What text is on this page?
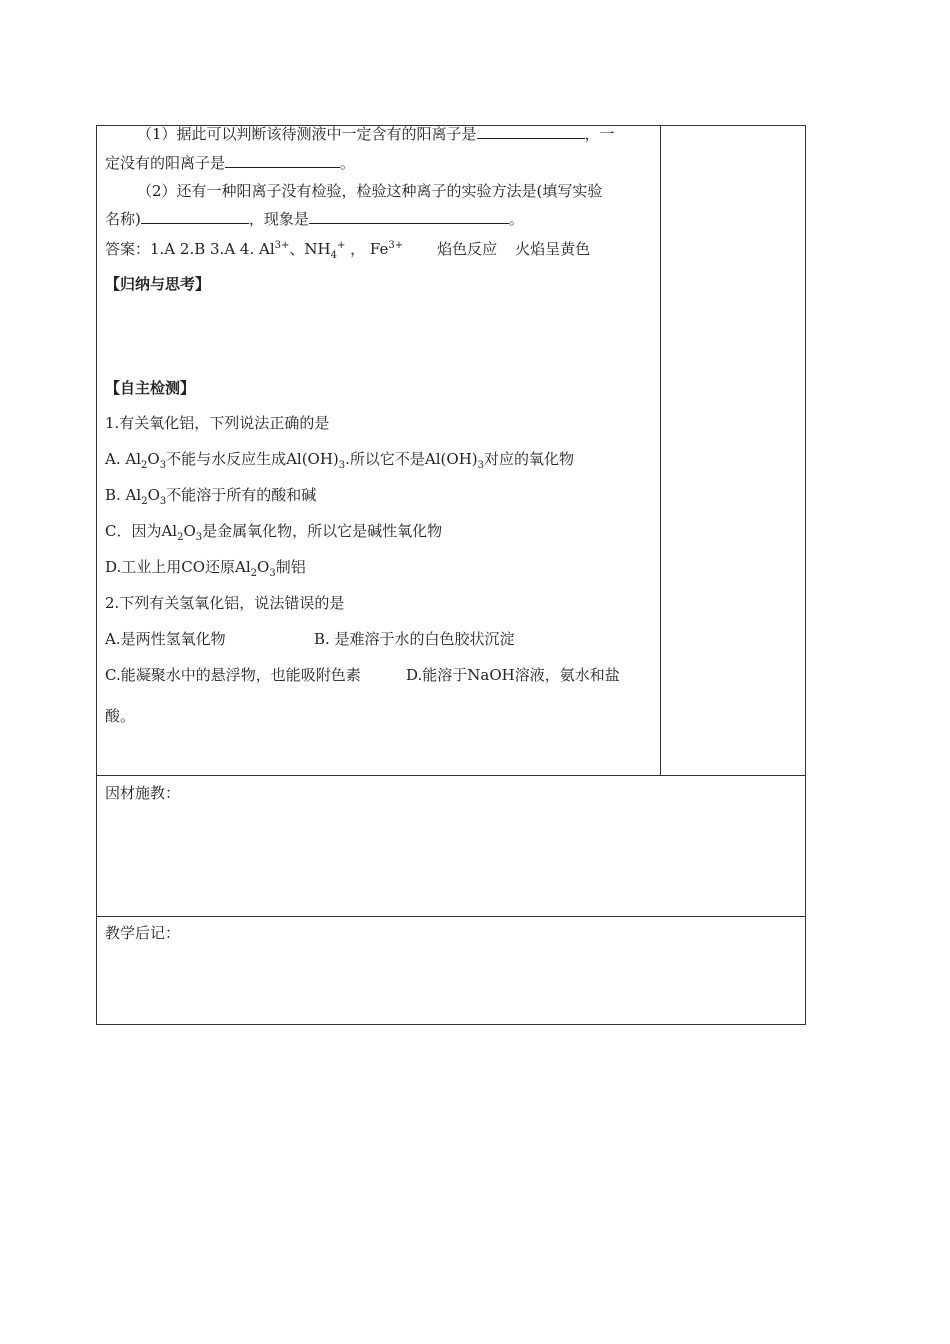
（1）据此可以判断该待测液中一定含有的阳离子是	，一
定没有的阳离子是	。
（2）还有一种阳离子没有检验，检验这种离子的实验方法是(填写实验
名称)	，现象是	。
答案：1.A 2.B 3.A 4. $Al^{3+}$、$NH_4^+$ ， $Fe^{3+}$ 焰色反应 火焰呈黄色
【归纳与思考】
【自主检测】
1.有关氧化铝，下列说法正确的是
A. $Al_2O_3$不能与水反应生成$Al(OH)_3$.所以它不是$Al(OH)_3$对应的氧化物
B. $Al_2O_3$不能溶于所有的酸和碱
C．因为$Al_2O_3$是金属氧化物，所以它是碱性氧化物
D.工业上用CO还原$Al_2O_3$制铝
2.下列有关氢氧化铝，说法错误的是
A.是两性氢氧化物	B. 是难溶于水的白色胶状沉淀
C.能凝聚水中的悬浮物，也能吸附色素	D.能溶于NaOH溶液，氨水和盐
酸。
因材施教：
教学后记：
